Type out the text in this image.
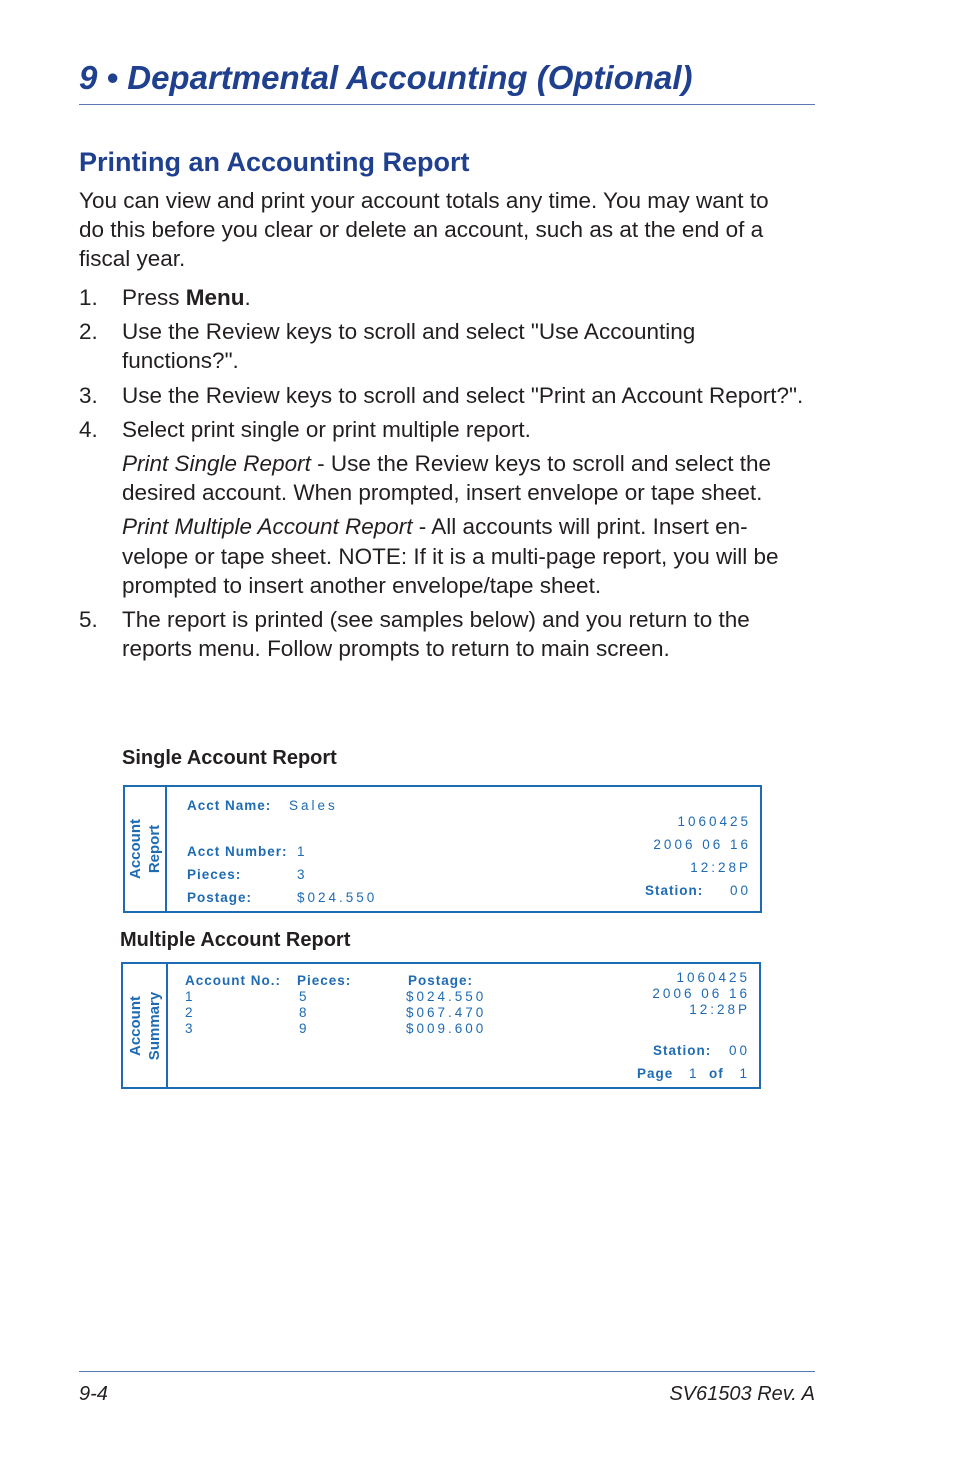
9 • Departmental Accounting (Optional)
Printing an Accounting Report

You can view and print your account totals any time. You may want to do this before you clear or delete an account, such as at the end of a fiscal year.

1. Press Menu.

2. Use the Review keys to scroll and select "Use Accounting functions?".

3. Use the Review keys to scroll and select "Print an Account Report?".

4. Select print single or print multiple report.

Print Single Report - Use the Review keys to scroll and select the desired account. When prompted, insert envelope or tape sheet.

Print Multiple Account Report - All accounts will print. Insert en-velope or tape sheet. NOTE: If it is a multi-page report, you will be prompted to insert another envelope/tape sheet.

5. The report is printed (see samples below) and you return to the reports menu. Follow prompts to return to main screen.

Single Account Report
Account Report
Acct Name: Sales
Acct Number: 1
Pieces:	3
Postage:	$024.550
1060425
2006 06 16
12:28P
Station: 00
Multiple Account Report
Account Summary
Account No.: Pieces:	Postage:
1	5	$024.550
2	8	$067.470
3	9	$009.600
1060425
2006 06 16
12:28P
Station: 00
Page 1 of 1
9-4	SV61503 Rev. A
